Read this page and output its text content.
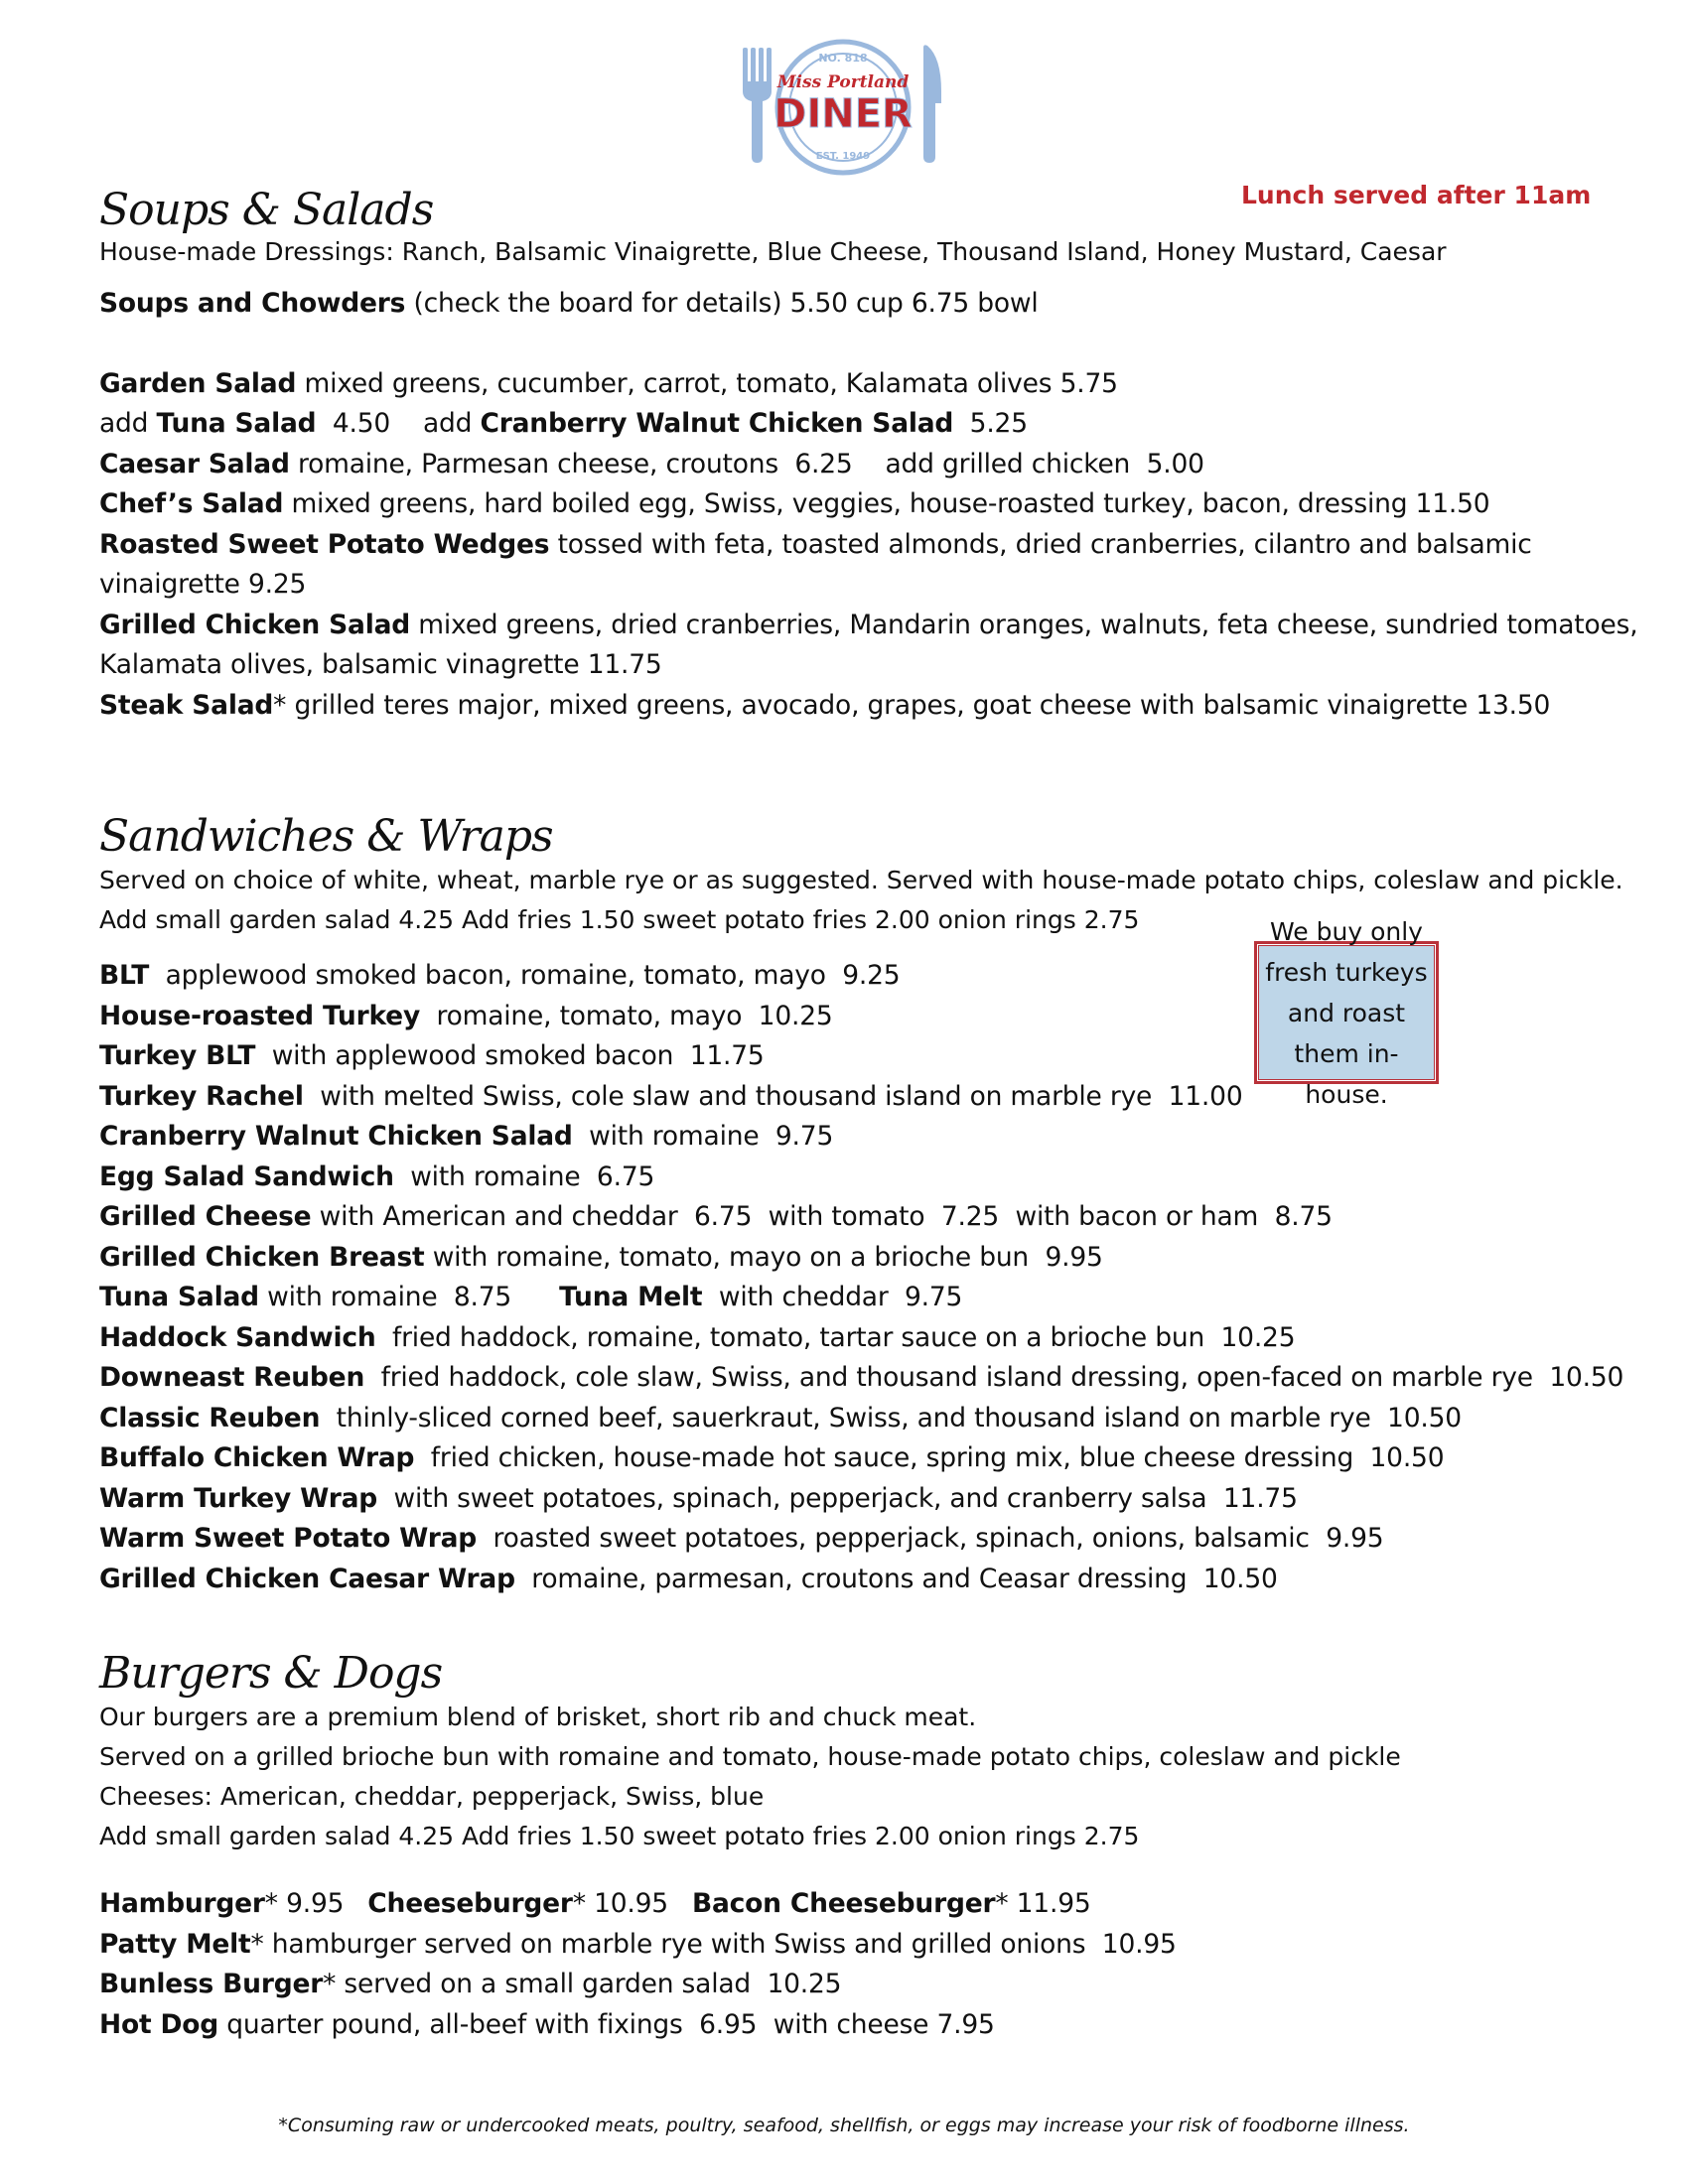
NO. 818
Miss Portland
DINER
EST. 1949
Lunch served after 11am
Soups & Salads
House-made Dressings: Ranch, Balsamic Vinaigrette, Blue Cheese, Thousand Island, Honey Mustard, Caesar
Soups and Chowders (check the board for details) 5.50 cup 6.75 bowl
Garden Salad mixed greens, cucumber, carrot, tomato, Kalamata olives 5.75
add Tuna Salad  4.50    add Cranberry Walnut Chicken Salad  5.25
Caesar Salad romaine, Parmesan cheese, croutons  6.25    add grilled chicken  5.00
Chef’s Salad mixed greens, hard boiled egg, Swiss, veggies, house-roasted turkey, bacon, dressing 11.50
Roasted Sweet Potato Wedges tossed with feta, toasted almonds, dried cranberries, cilantro and balsamic
vinaigrette 9.25
Grilled Chicken Salad mixed greens, dried cranberries, Mandarin oranges, walnuts, feta cheese, sundried tomatoes,
Kalamata olives, balsamic vinagrette 11.75
Steak Salad* grilled teres major, mixed greens, avocado, grapes, goat cheese with balsamic vinaigrette 13.50
Sandwiches & Wraps
Served on choice of white, wheat, marble rye or as suggested. Served with house-made potato chips, coleslaw and pickle.
Add small garden salad 4.25 Add fries 1.50 sweet potato fries 2.00 onion rings 2.75
BLT  applewood smoked bacon, romaine, tomato, mayo  9.25
House-roasted Turkey  romaine, tomato, mayo  10.25
Turkey BLT  with applewood smoked bacon  11.75
Turkey Rachel  with melted Swiss, cole slaw and thousand island on marble rye  11.00
Cranberry Walnut Chicken Salad  with romaine  9.75
Egg Salad Sandwich  with romaine  6.75
Grilled Cheese with American and cheddar  6.75  with tomato  7.25  with bacon or ham  8.75
Grilled Chicken Breast with romaine, tomato, mayo on a brioche bun  9.95
Tuna Salad with romaine  8.75 Tuna Melt  with cheddar  9.75
Haddock Sandwich  fried haddock, romaine, tomato, tartar sauce on a brioche bun  10.25
Downeast Reuben  fried haddock, cole slaw, Swiss, and thousand island dressing, open-faced on marble rye  10.50
Classic Reuben  thinly-sliced corned beef, sauerkraut, Swiss, and thousand island on marble rye  10.50
Buffalo Chicken Wrap  fried chicken, house-made hot sauce, spring mix, blue cheese dressing  10.50
Warm Turkey Wrap  with sweet potatoes, spinach, pepperjack, and cranberry salsa  11.75
Warm Sweet Potato Wrap  roasted sweet potatoes, pepperjack, spinach, onions, balsamic  9.95
Grilled Chicken Caesar Wrap  romaine, parmesan, croutons and Ceasar dressing  10.50
We buy only fresh turkeys and roast them in-house.
Burgers & Dogs
Our burgers are a premium blend of brisket, short rib and chuck meat.
Served on a grilled brioche bun with romaine and tomato, house-made potato chips, coleslaw and pickle
Cheeses: American, cheddar, pepperjack, Swiss, blue
Add small garden salad 4.25 Add fries 1.50 sweet potato fries 2.00 onion rings 2.75
Hamburger* 9.95 Cheeseburger* 10.95 Bacon Cheeseburger* 11.95
Patty Melt* hamburger served on marble rye with Swiss and grilled onions  10.95
Bunless Burger* served on a small garden salad  10.25
Hot Dog quarter pound, all-beef with fixings  6.95  with cheese 7.95
*Consuming raw or undercooked meats, poultry, seafood, shellfish, or eggs may increase your risk of foodborne illness.
